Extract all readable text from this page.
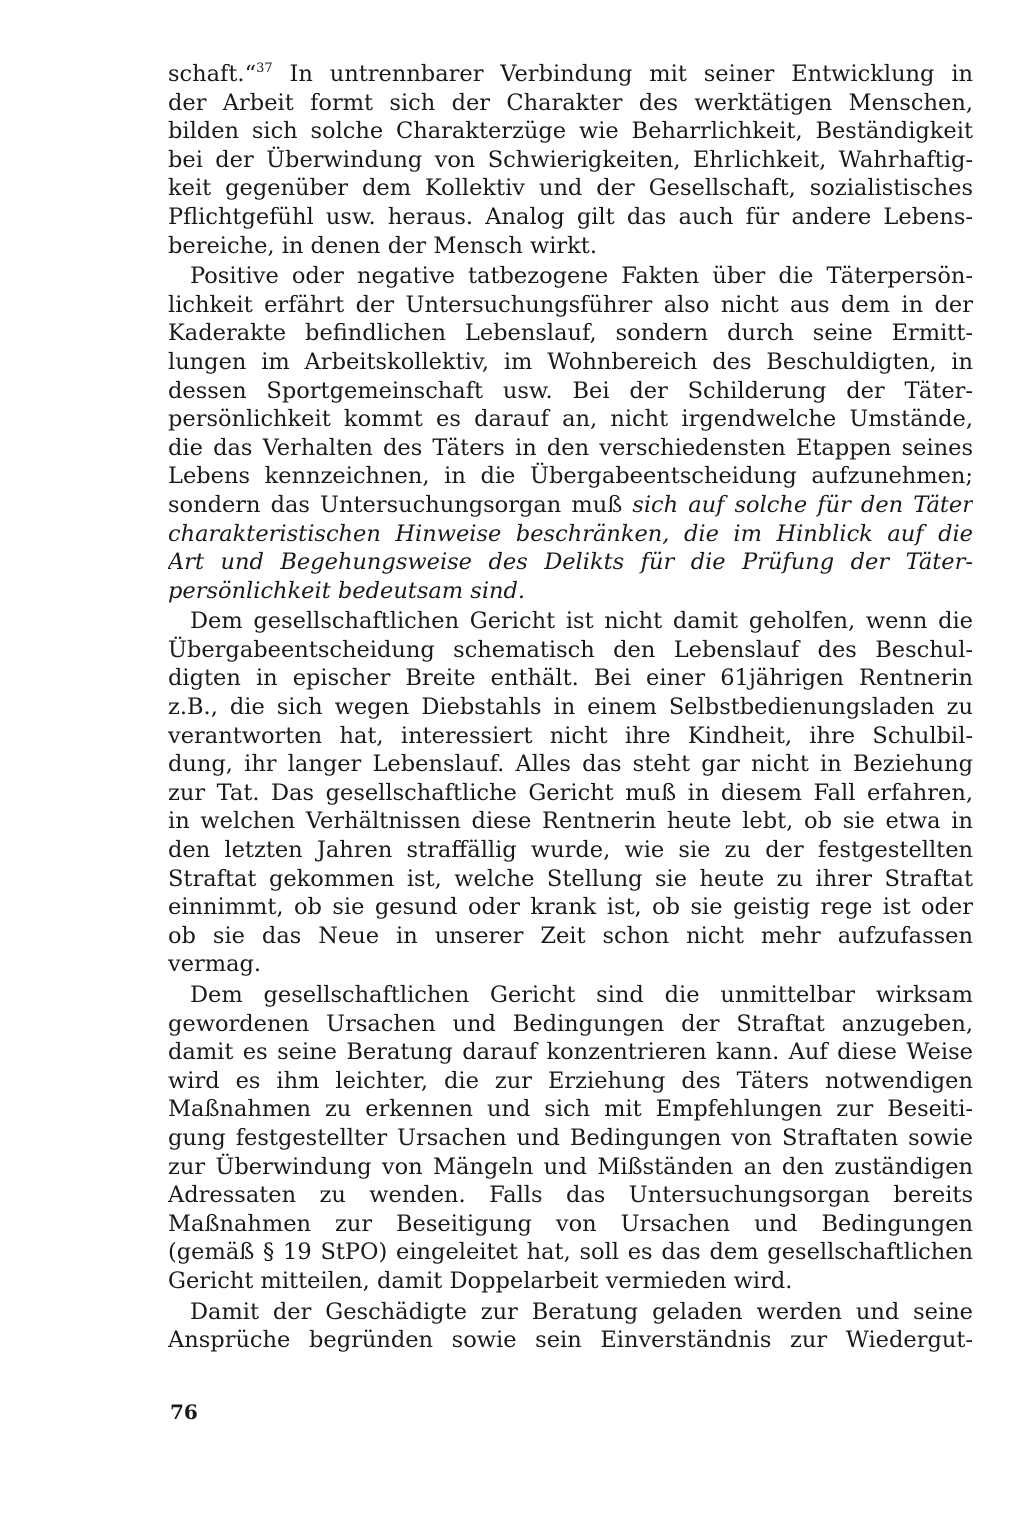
schaft.“$^{37}$ In untrennbarer Verbindung mit seiner Entwicklung in
der Arbeit formt sich der Charakter des werktätigen Menschen,
bilden sich solche Charakterzüge wie Beharrlichkeit, Beständigkeit
bei der Überwindung von Schwierigkeiten, Ehrlichkeit, Wahrhaftig-
keit gegenüber dem Kollektiv und der Gesellschaft, sozialistisches
Pflichtgefühl usw. heraus. Analog gilt das auch für andere Lebens-
bereiche, in denen der Mensch wirkt.
Positive oder negative tatbezogene Fakten über die Täterpersön-
lichkeit erfährt der Untersuchungsführer also nicht aus dem in der
Kaderakte befindlichen Lebenslauf, sondern durch seine Ermitt-
lungen im Arbeitskollektiv, im Wohnbereich des Beschuldigten, in
dessen Sportgemeinschaft usw. Bei der Schilderung der Täter-
persönlichkeit kommt es darauf an, nicht irgendwelche Umstände,
die das Verhalten des Täters in den verschiedensten Etappen seines
Lebens kennzeichnen, in die Übergabeentscheidung aufzunehmen;
sondern das Untersuchungsorgan muß sich auf solche für den Täter
charakteristischen Hinweise beschränken, die im Hinblick auf die
Art und Begehungsweise des Delikts für die Prüfung der Täter-
persönlichkeit bedeutsam sind.
Dem gesellschaftlichen Gericht ist nicht damit geholfen, wenn die
Übergabeentscheidung schematisch den Lebenslauf des Beschul-
digten in epischer Breite enthält. Bei einer 61jährigen Rentnerin
z.B., die sich wegen Diebstahls in einem Selbstbedienungsladen zu
verantworten hat, interessiert nicht ihre Kindheit, ihre Schulbil-
dung, ihr langer Lebenslauf. Alles das steht gar nicht in Beziehung
zur Tat. Das gesellschaftliche Gericht muß in diesem Fall erfahren,
in welchen Verhältnissen diese Rentnerin heute lebt, ob sie etwa in
den letzten Jahren straffällig wurde, wie sie zu der festgestellten
Straftat gekommen ist, welche Stellung sie heute zu ihrer Straftat
einnimmt, ob sie gesund oder krank ist, ob sie geistig rege ist oder
ob sie das Neue in unserer Zeit schon nicht mehr aufzufassen
vermag.
Dem gesellschaftlichen Gericht sind die unmittelbar wirksam
gewordenen Ursachen und Bedingungen der Straftat anzugeben,
damit es seine Beratung darauf konzentrieren kann. Auf diese Weise
wird es ihm leichter, die zur Erziehung des Täters notwendigen
Maßnahmen zu erkennen und sich mit Empfehlungen zur Beseiti-
gung festgestellter Ursachen und Bedingungen von Straftaten sowie
zur Überwindung von Mängeln und Mißständen an den zuständigen
Adressaten zu wenden. Falls das Untersuchungsorgan bereits
Maßnahmen zur Beseitigung von Ursachen und Bedingungen
(gemäß § 19 StPO) eingeleitet hat, soll es das dem gesellschaftlichen
Gericht mitteilen, damit Doppelarbeit vermieden wird.
Damit der Geschädigte zur Beratung geladen werden und seine
Ansprüche begründen sowie sein Einverständnis zur Wiedergut-
76
